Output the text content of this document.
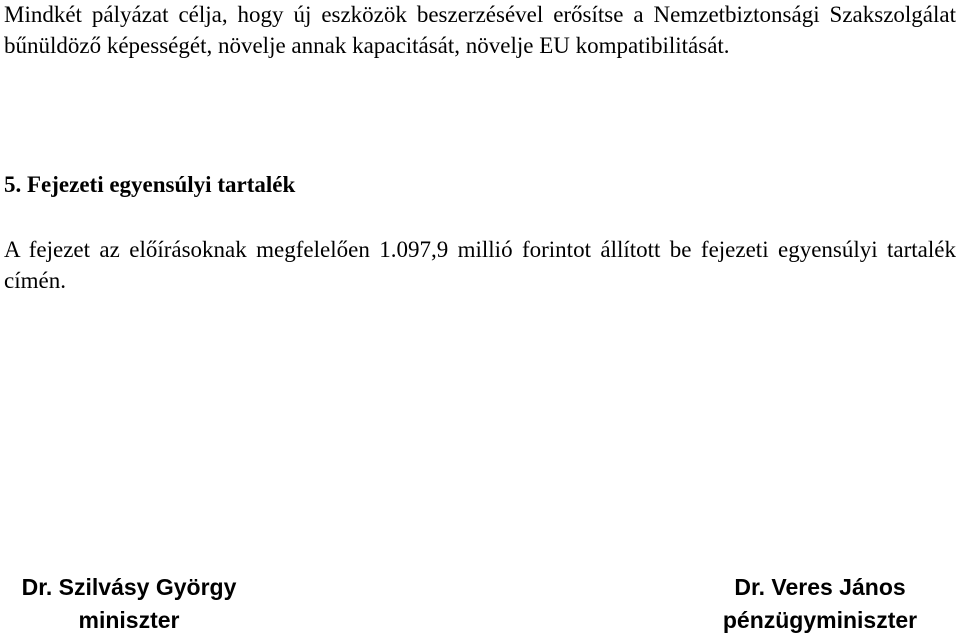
Mindkét pályázat célja, hogy új eszközök beszerzésével erősítse a Nemzetbiztonsági Szakszolgálat bűnüldöző képességét, növelje annak kapacitását, növelje EU kompatibilitását.

5. Fejezeti egyensúlyi tartalék

A fejezet az előírásoknak megfelelően 1.097,9 millió forintot állított be fejezeti egyensúlyi tartalék címén.

Dr. Szilvásy György
miniszter
Dr. Veres János
pénzügyminiszter
